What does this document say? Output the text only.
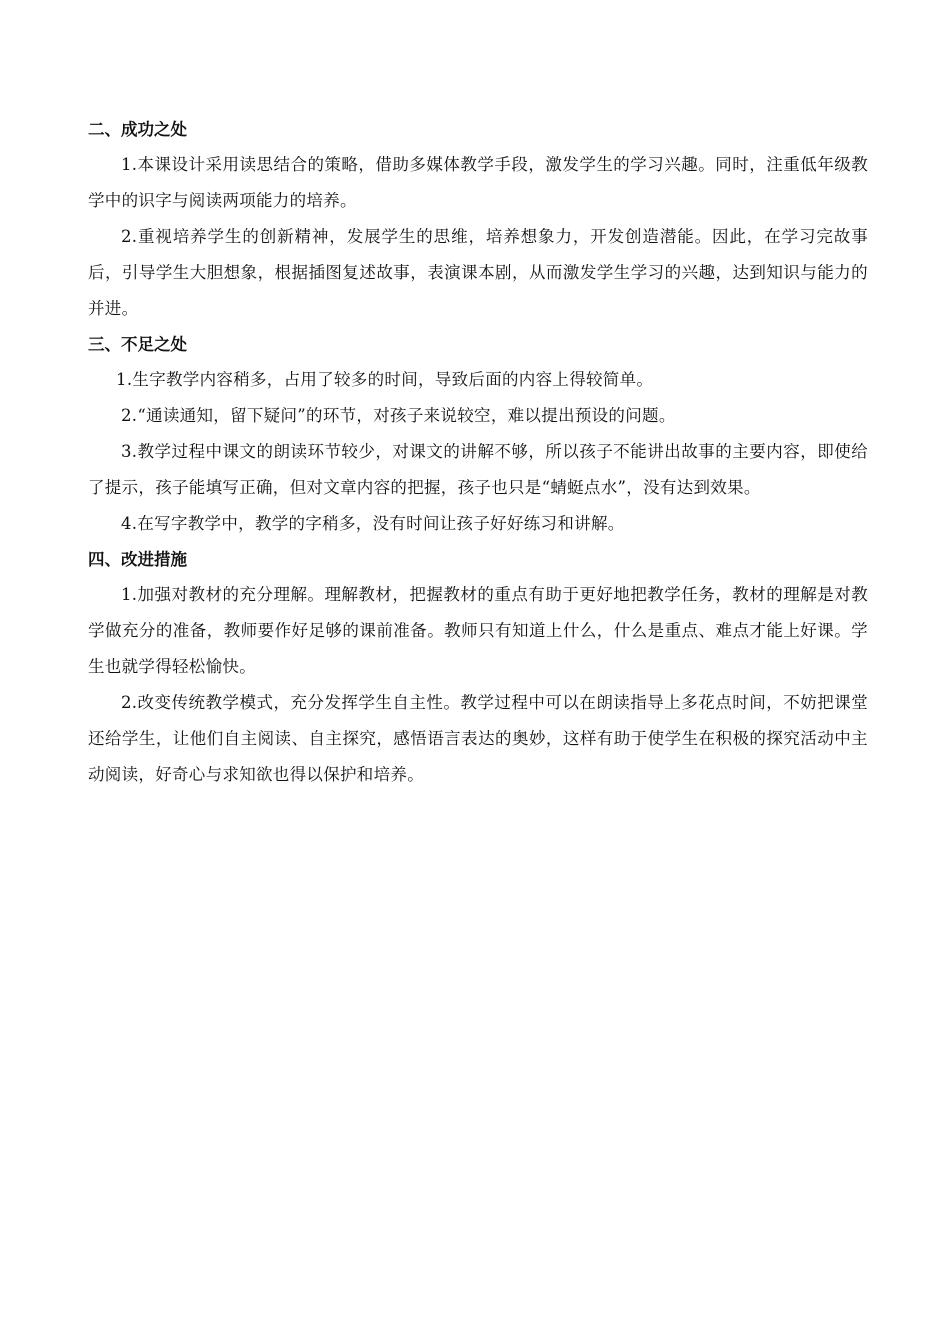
二、成功之处

1.本课设计采用读思结合的策略，借助多媒体教学手段，激发学生的学习兴趣。同时，注重低年级教学中的识字与阅读两项能力的培养。

2.重视培养学生的创新精神，发展学生的思维，培养想象力，开发创造潜能。因此，在学习完故事后，引导学生大胆想象，根据插图复述故事，表演课本剧，从而激发学生学习的兴趣，达到知识与能力的并进。

三、不足之处

1.生字教学内容稍多，占用了较多的时间，导致后面的内容上得较简单。

2.“通读通知，留下疑问”的环节，对孩子来说较空，难以提出预设的问题。

3.教学过程中课文的朗读环节较少，对课文的讲解不够，所以孩子不能讲出故事的主要内容，即使给了提示，孩子能填写正确，但对文章内容的把握，孩子也只是“蜻蜓点水”，没有达到效果。

4.在写字教学中，教学的字稍多，没有时间让孩子好好练习和讲解。

四、改进措施

1.加强对教材的充分理解。理解教材，把握教材的重点有助于更好地把教学任务，教材的理解是对教学做充分的准备，教师要作好足够的课前准备。教师只有知道上什么，什么是重点、难点才能上好课。学生也就学得轻松愉快。

2.改变传统教学模式，充分发挥学生自主性。教学过程中可以在朗读指导上多花点时间，不妨把课堂还给学生，让他们自主阅读、自主探究，感悟语言表达的奥妙，这样有助于使学生在积极的探究活动中主动阅读，好奇心与求知欲也得以保护和培养。
